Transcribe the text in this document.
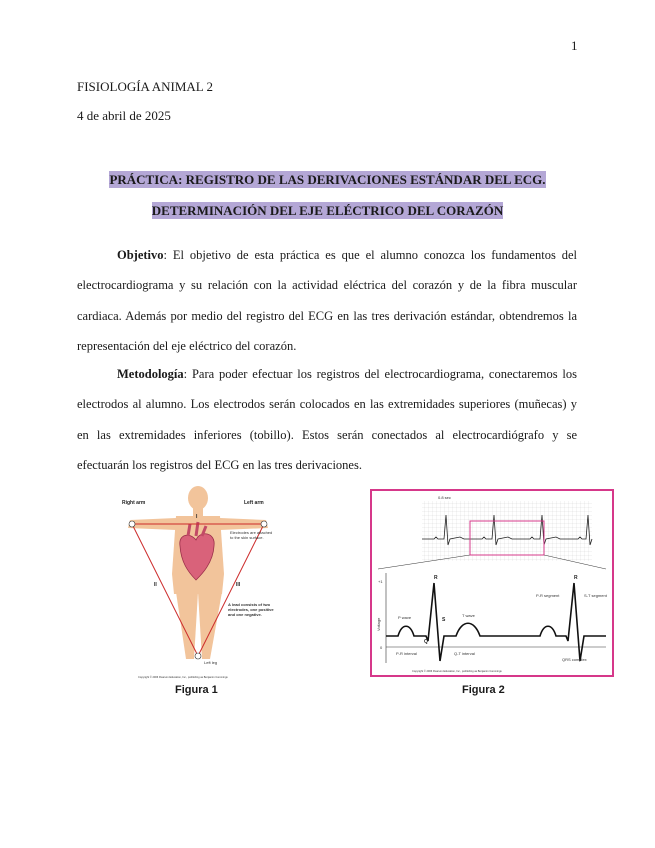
1
FISIOLOGÍA ANIMAL 2
4 de abril de 2025
PRÁCTICA: REGISTRO DE LAS DERIVACIONES ESTÁNDAR DEL ECG.
DETERMINACIÓN DEL EJE ELÉCTRICO DEL CORAZÓN

Objetivo: El objetivo de esta práctica es que el alumno conozca los fundamentos del electrocardiograma y su relación con la actividad eléctrica del corazón y de la fibra muscular cardiaca. Además por medio del registro del ECG en las tres derivación estándar, obtendremos la representación del eje eléctrico del corazón.

Metodología: Para poder efectuar los registros del electrocardiograma, conectaremos los electrodos al alumno. Los electrodos serán colocados en las extremidades superiores (muñecas) y en las extremidades inferiores (tobillo). Estos serán conectados al electrocardiógrafo y se efectuarán los registros del ECG en las tres derivaciones.

Right arm	Left arm
I
II	III
Electrodes are attached to the skin surface.
A lead consists of two electrodes, one positive and one negative.
Left leg
Copyright © 2006 Pearson Education, Inc., publishing as Benjamin Cummings
0.8 sec
+1
0
Voltage
P wave
R
Q
S
T wave
R
P-R segment	S-T segment
P-R interval	Q-T interval
QRS complex
Copyright © 2006 Pearson Education, Inc., publishing as Benjamin Cummings
Figura 1	Figura 2
